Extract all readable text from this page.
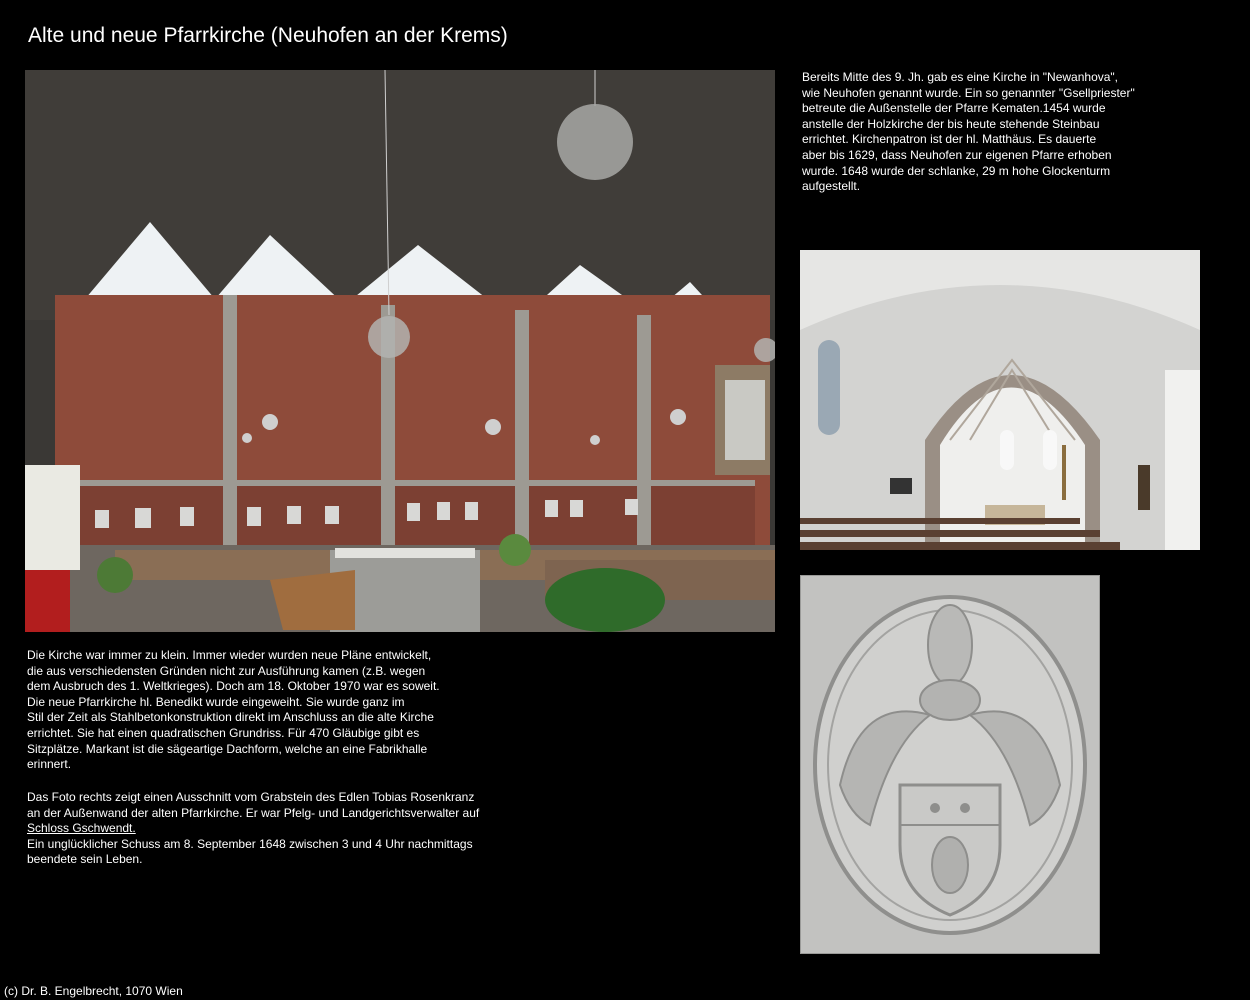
Alte und neue Pfarrkirche (Neuhofen an der Krems)

Bereits Mitte des 9. Jh. gab es eine Kirche in "Newanhova",
wie Neuhofen genannt wurde. Ein so genannter "Gsellpriester"
betreute die Außenstelle der Pfarre Kematen.1454 wurde
anstelle der Holzkirche der bis heute stehende Steinbau
errichtet. Kirchenpatron ist der hl. Matthäus. Es dauerte
aber bis 1629, dass Neuhofen zur eigenen Pfarre erhoben
wurde. 1648 wurde der schlanke, 29 m hohe Glockenturm
aufgestellt.

Die Kirche war immer zu klein. Immer wieder wurden neue Pläne entwickelt,
die aus verschiedensten Gründen nicht zur Ausführung kamen (z.B. wegen
dem Ausbruch des 1. Weltkrieges). Doch am 18. Oktober 1970 war es soweit.
Die neue Pfarrkirche hl. Benedikt wurde eingeweiht. Sie wurde ganz im
Stil der Zeit als Stahlbetonkonstruktion direkt im Anschluss an die alte Kirche
errichtet. Sie hat einen quadratischen Grundriss. Für 470 Gläubige gibt es
Sitzplätze. Markant ist die sägeartige Dachform, welche an eine Fabrikhalle
erinnert.

Das Foto rechts zeigt einen Ausschnitt vom Grabstein des Edlen Tobias Rosenkranz
an der Außenwand der alten Pfarrkirche. Er war Pfelg- und Landgerichtsverwalter auf
Schloss Gschwendt.
Ein unglücklicher Schuss am 8. September 1648 zwischen 3 und 4 Uhr nachmittags
beendete sein Leben.

(c) Dr. B. Engelbrecht, 1070 Wien
